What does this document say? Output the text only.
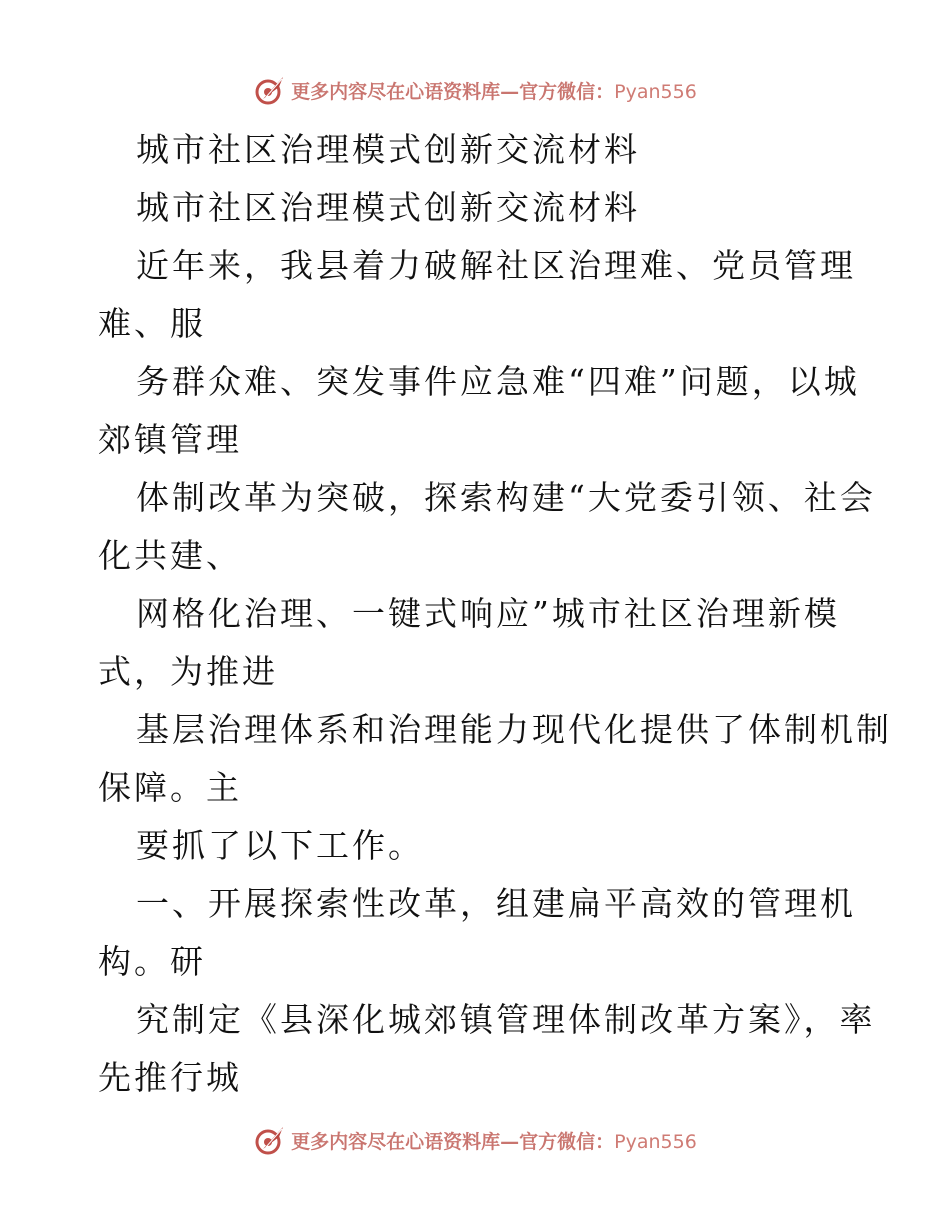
更多内容尽在心语资料库—官方微信：Pyan556
城市社区治理模式创新交流材料
城市社区治理模式创新交流材料
近年来，我县着力破解社区治理难、党员管理
难、服
务群众难、突发事件应急难“四难”问题，以城
郊镇管理
体制改革为突破，探索构建“大党委引领、社会
化共建、
网格化治理、一键式响应”城市社区治理新模
式，为推进
基层治理体系和治理能力现代化提供了体制机制
保障。主
要抓了以下工作。
一、开展探索性改革，组建扁平高效的管理机
构。研
究制定《县深化城郊镇管理体制改革方案》，率
先推行城
更多内容尽在心语资料库—官方微信：Pyan556
